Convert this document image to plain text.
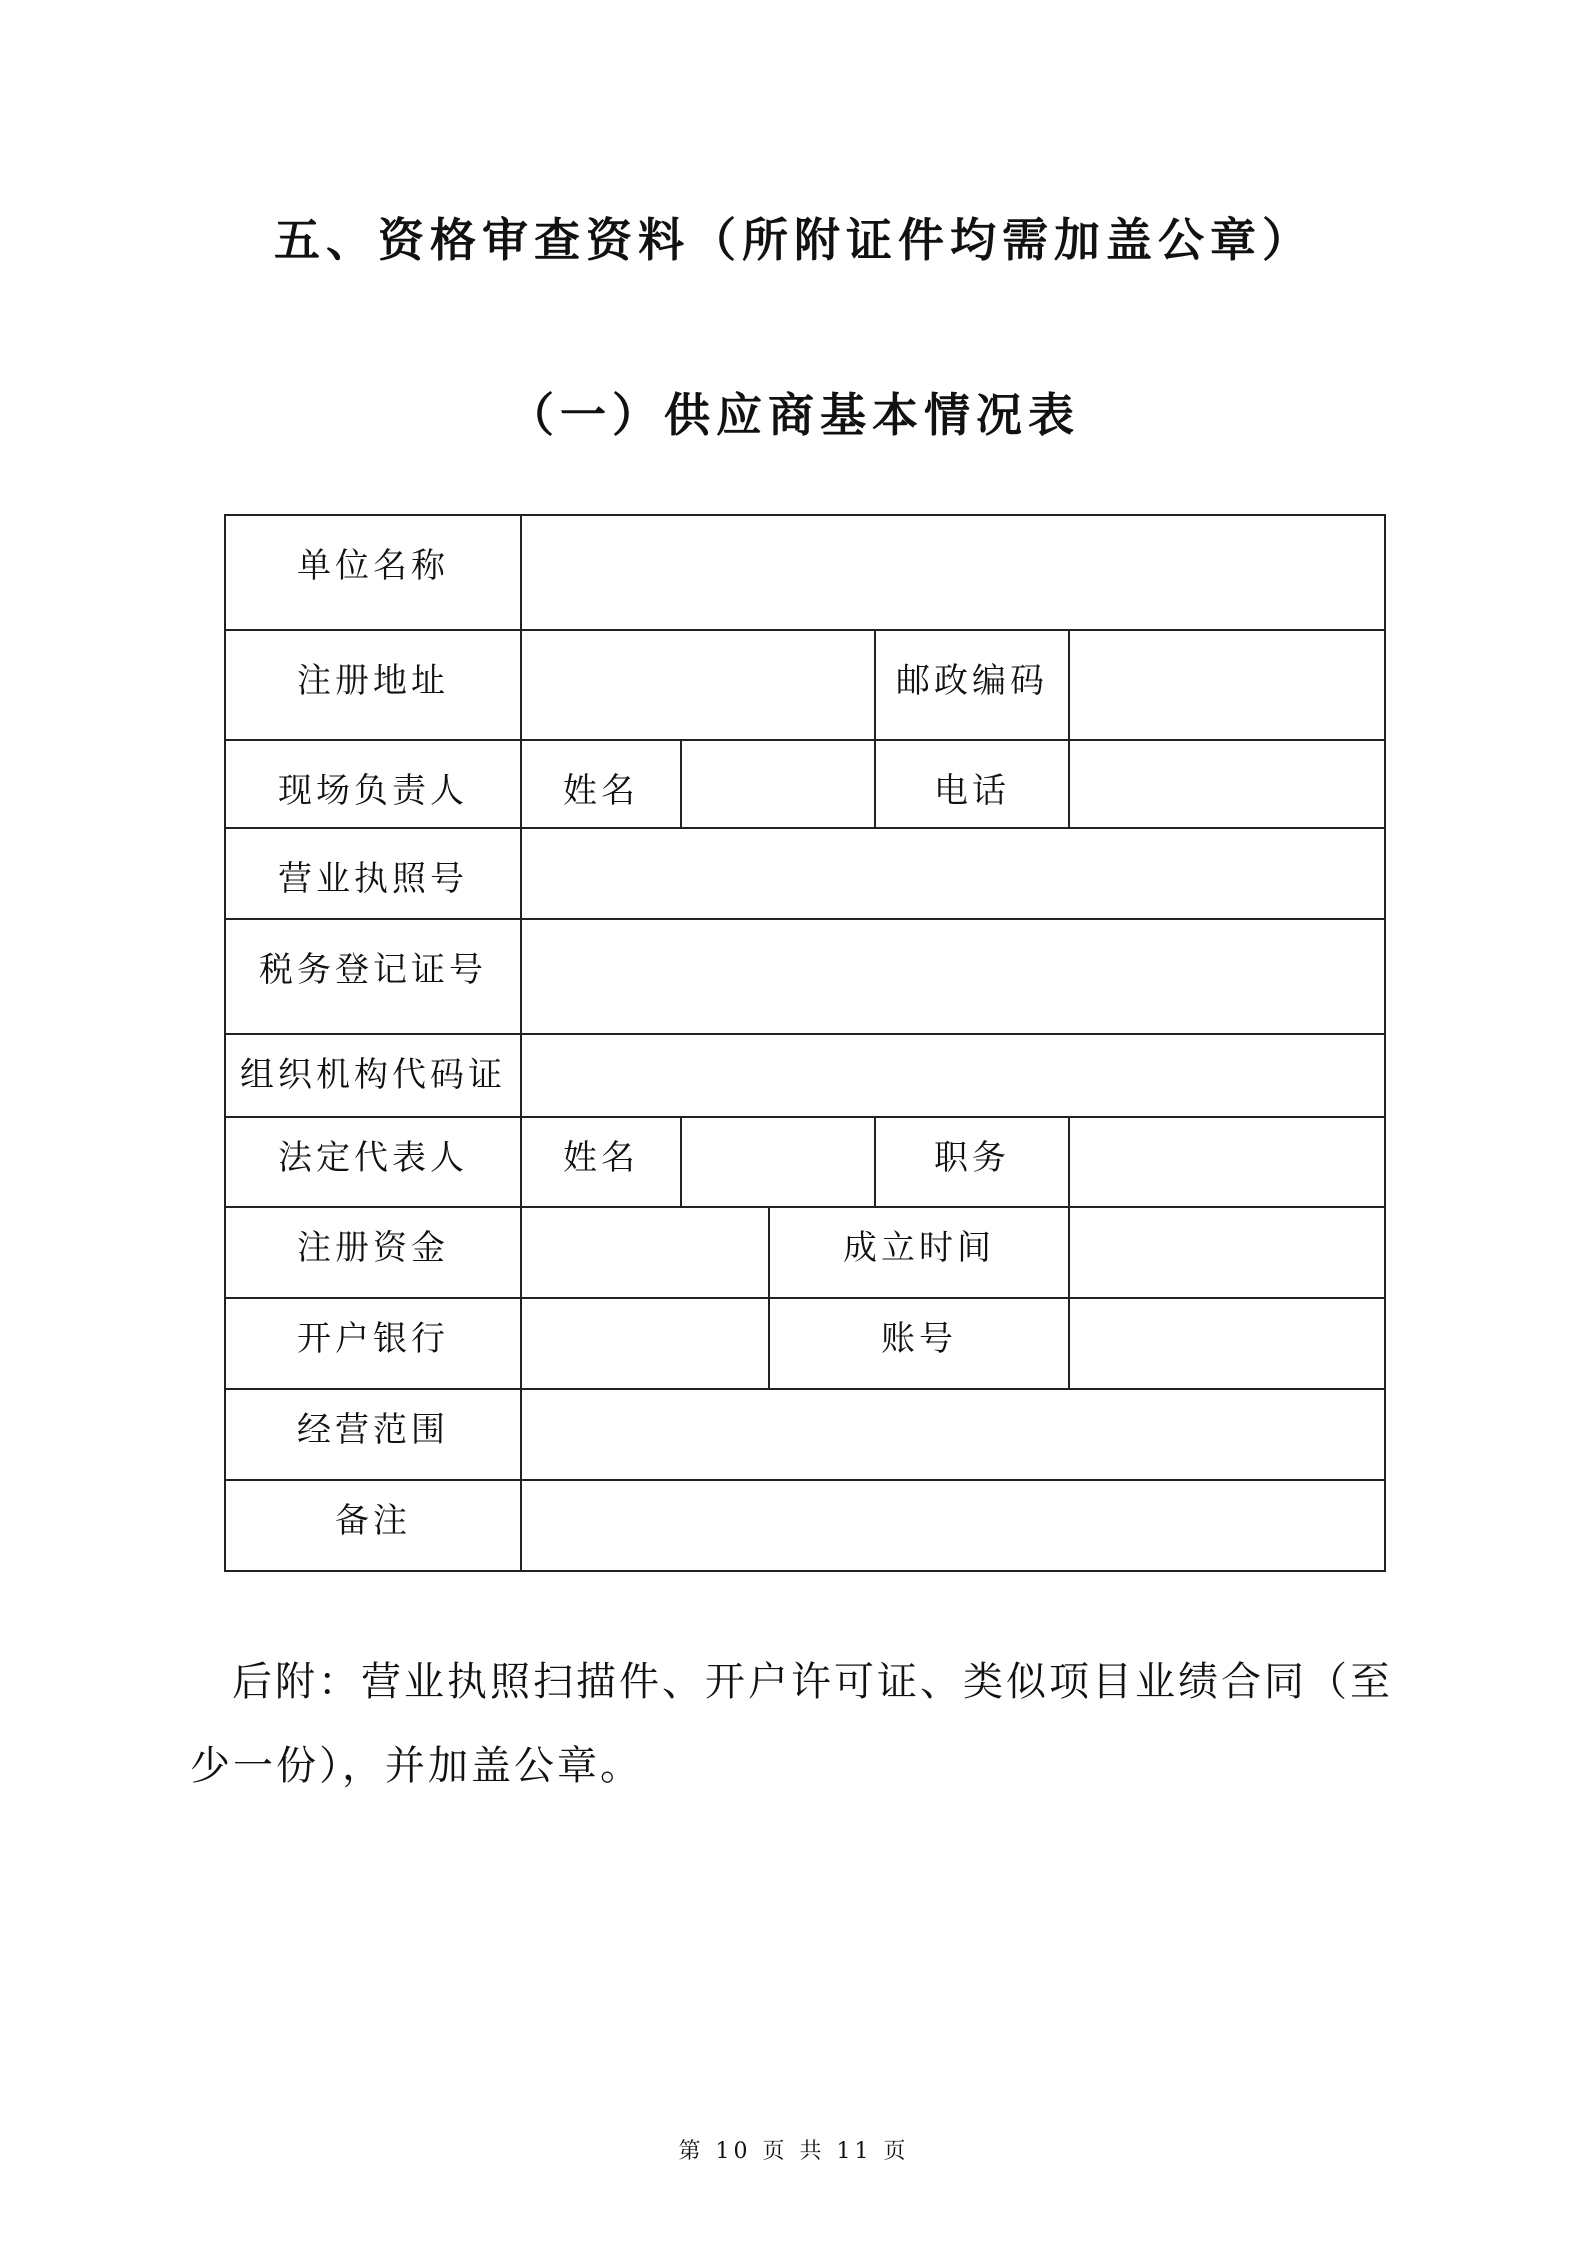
五、资格审查资料（所附证件均需加盖公章）
（一）供应商基本情况表
单位名称					

注册地址				邮政编码	

现场负责人	姓名			电话	

营业执照号					

税务登记证号					

组织机构代码证					

法定代表人	姓名			职务	

注册资金			成立时间		

开户银行			账号		

经营范围					

备注					

后附：营业执照扫描件、开户许可证、类似项目业绩合同（至
少一份），并加盖公章。
第 10 页 共 11 页
